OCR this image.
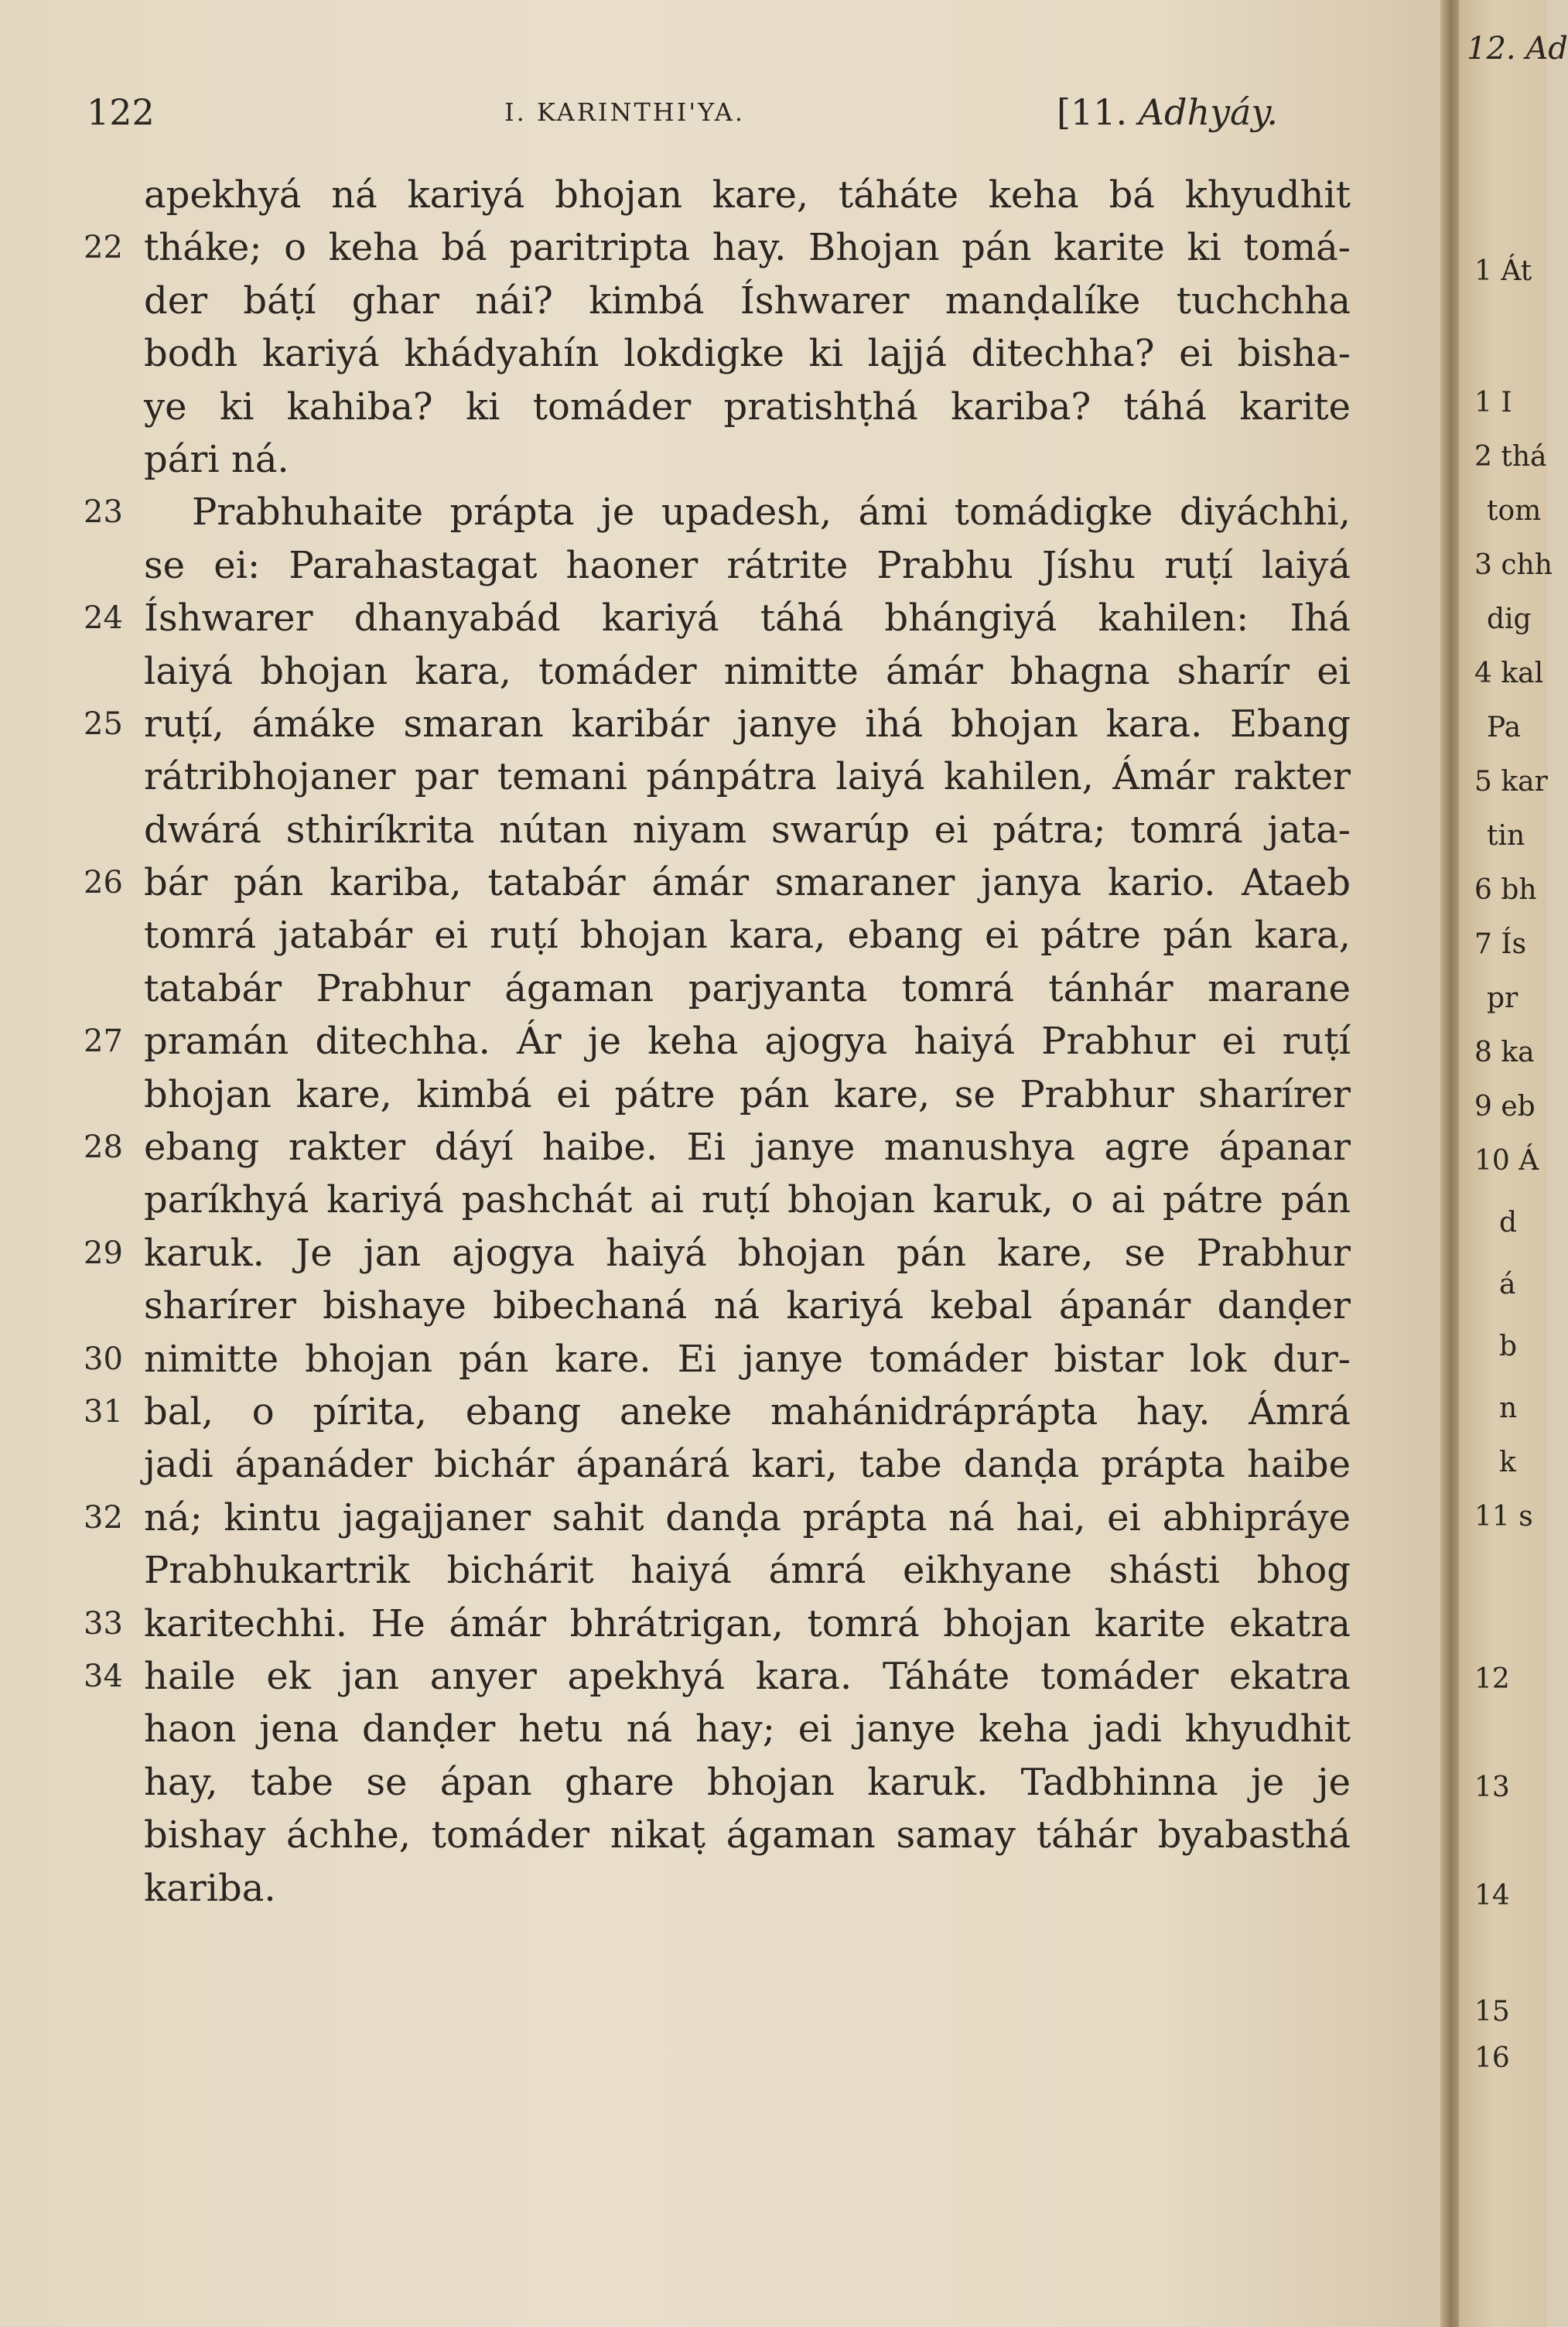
122	I. KARINTHI'YA.	[11. Adhyáy.
apekhyá ná kariyá bhojan kare, táháte keha bá khyudhit
22 tháke; o keha bá paritripta hay. Bhojan pán karite ki tomá-
der báṭí ghar nái? kimbá Íshwarer manḍalíke tuchchha
bodh kariyá khádyahín lokdigke ki lajjá ditechha? ei bisha-
ye ki kahiba? ki tomáder pratishṭhá kariba? táhá karite
pári ná.
23 Prabhuhaite prápta je upadesh, ámi tomádigke diyáchhi,
se ei: Parahastagat haoner rátrite Prabhu Jíshu ruṭí laiyá
24 Íshwarer dhanyabád kariyá táhá bhángiyá kahilen: Ihá
laiyá bhojan kara, tomáder nimitte ámár bhagna sharír ei
25 ruṭí, ámáke smaran karibár janye ihá bhojan kara. Ebang
rátribhojaner par temani pánpátra laiyá kahilen, Ámár rakter
dwárá sthiríkrita nútan niyam swarúp ei pátra; tomrá jata-
26 bár pán kariba, tatabár ámár smaraner janya kario. Ataeb
tomrá jatabár ei ruṭí bhojan kara, ebang ei pátre pán kara,
tatabár Prabhur ágaman parjyanta tomrá tánhár marane
27 pramán ditechha. Ár je keha ajogya haiyá Prabhur ei ruṭí
bhojan kare, kimbá ei pátre pán kare, se Prabhur sharírer
28 ebang rakter dáyí haibe. Ei janye manushya agre ápanar
paríkhyá kariyá pashchát ai ruṭí bhojan karuk, o ai pátre pán
29 karuk. Je jan ajogya haiyá bhojan pán kare, se Prabhur
sharírer bishaye bibechaná ná kariyá kebal ápanár danḍer
30 nimitte bhojan pán kare. Ei janye tomáder bistar lok dur-
31 bal, o pírita, ebang aneke mahánidráprápta hay. Ámrá
jadi ápanáder bichár ápanárá kari, tabe danḍa prápta haibe
32 ná; kintu jagajjaner sahit danḍa prápta ná hai, ei abhipráye
Prabhukartrik bichárit haiyá ámrá eikhyane shásti bhog
33 karitechhi. He ámár bhrátrigan, tomrá bhojan karite ekatra
34 haile ek jan anyer apekhyá kara. Táháte tomáder ekatra
haon jena danḍer hetu ná hay; ei janye keha jadi khyudhit
hay, tabe se ápan ghare bhojan karuk. Tadbhinna je je
bishay áchhe, tomáder nikaṭ ágaman samay táhár byabasthá
kariba.
12. Ad
1 Át
1 I
2 thá
tom
3 chh
dig
4 kal
Pa
5 kar
tin
6 bh
7 Ís
pr
8 ka
9 eb
10 Á
d
á
b
n
k
11 s
12
13
14
15
16
